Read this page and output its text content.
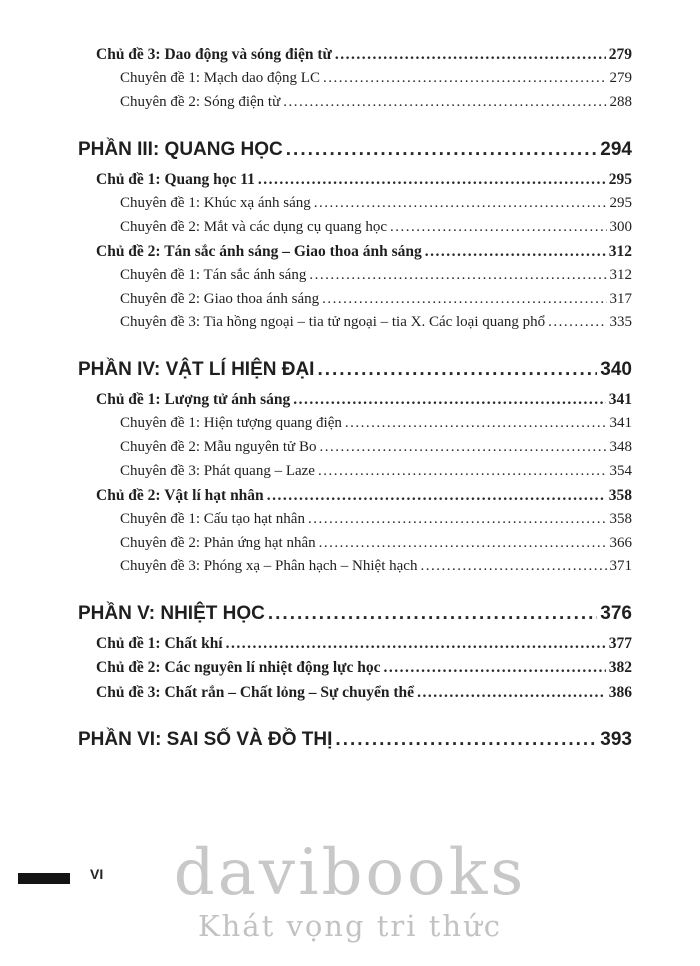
Chủ đề 3: Dao động và sóng điện từ .....	279
Chuyên đề 1: Mạch dao động LC .....	279
Chuyên đề 2: Sóng điện từ .....	288
PHẦN III: QUANG HỌC .....	294
Chủ đề 1: Quang học 11 .....	295
Chuyên đề 1: Khúc xạ ánh sáng .....	295
Chuyên đề 2: Mắt và các dụng cụ quang học .....	300
Chủ đề 2: Tán sắc ánh sáng – Giao thoa ánh sáng .....	312
Chuyên đề 1: Tán sắc ánh sáng .....	312
Chuyên đề 2: Giao thoa ánh sáng .....	317
Chuyên đề 3: Tia hồng ngoại – tia tử ngoại – tia X. Các loại quang phổ .....	335
PHẦN IV: VẬT LÍ HIỆN ĐẠI .....	340
Chủ đề 1: Lượng tử ánh sáng .....	341
Chuyên đề 1: Hiện tượng quang điện .....	341
Chuyên đề 2: Mẫu nguyên tử Bo .....	348
Chuyên đề 3: Phát quang – Laze .....	354
Chủ đề 2: Vật lí hạt nhân .....	358
Chuyên đề 1: Cấu tạo hạt nhân .....	358
Chuyên đề 2: Phản ứng hạt nhân .....	366
Chuyên đề 3: Phóng xạ – Phân hạch – Nhiệt hạch .....	371
PHẦN V: NHIỆT HỌC .....	376
Chủ đề 1: Chất khí .....	377
Chủ đề 2: Các nguyên lí nhiệt động lực học .....	382
Chủ đề 3: Chất rắn – Chất lỏng – Sự chuyển thể .....	386
PHẦN VI: SAI SỐ VÀ ĐỒ THỊ .....	393
VI	davibooks
Khát vọng tri thức
